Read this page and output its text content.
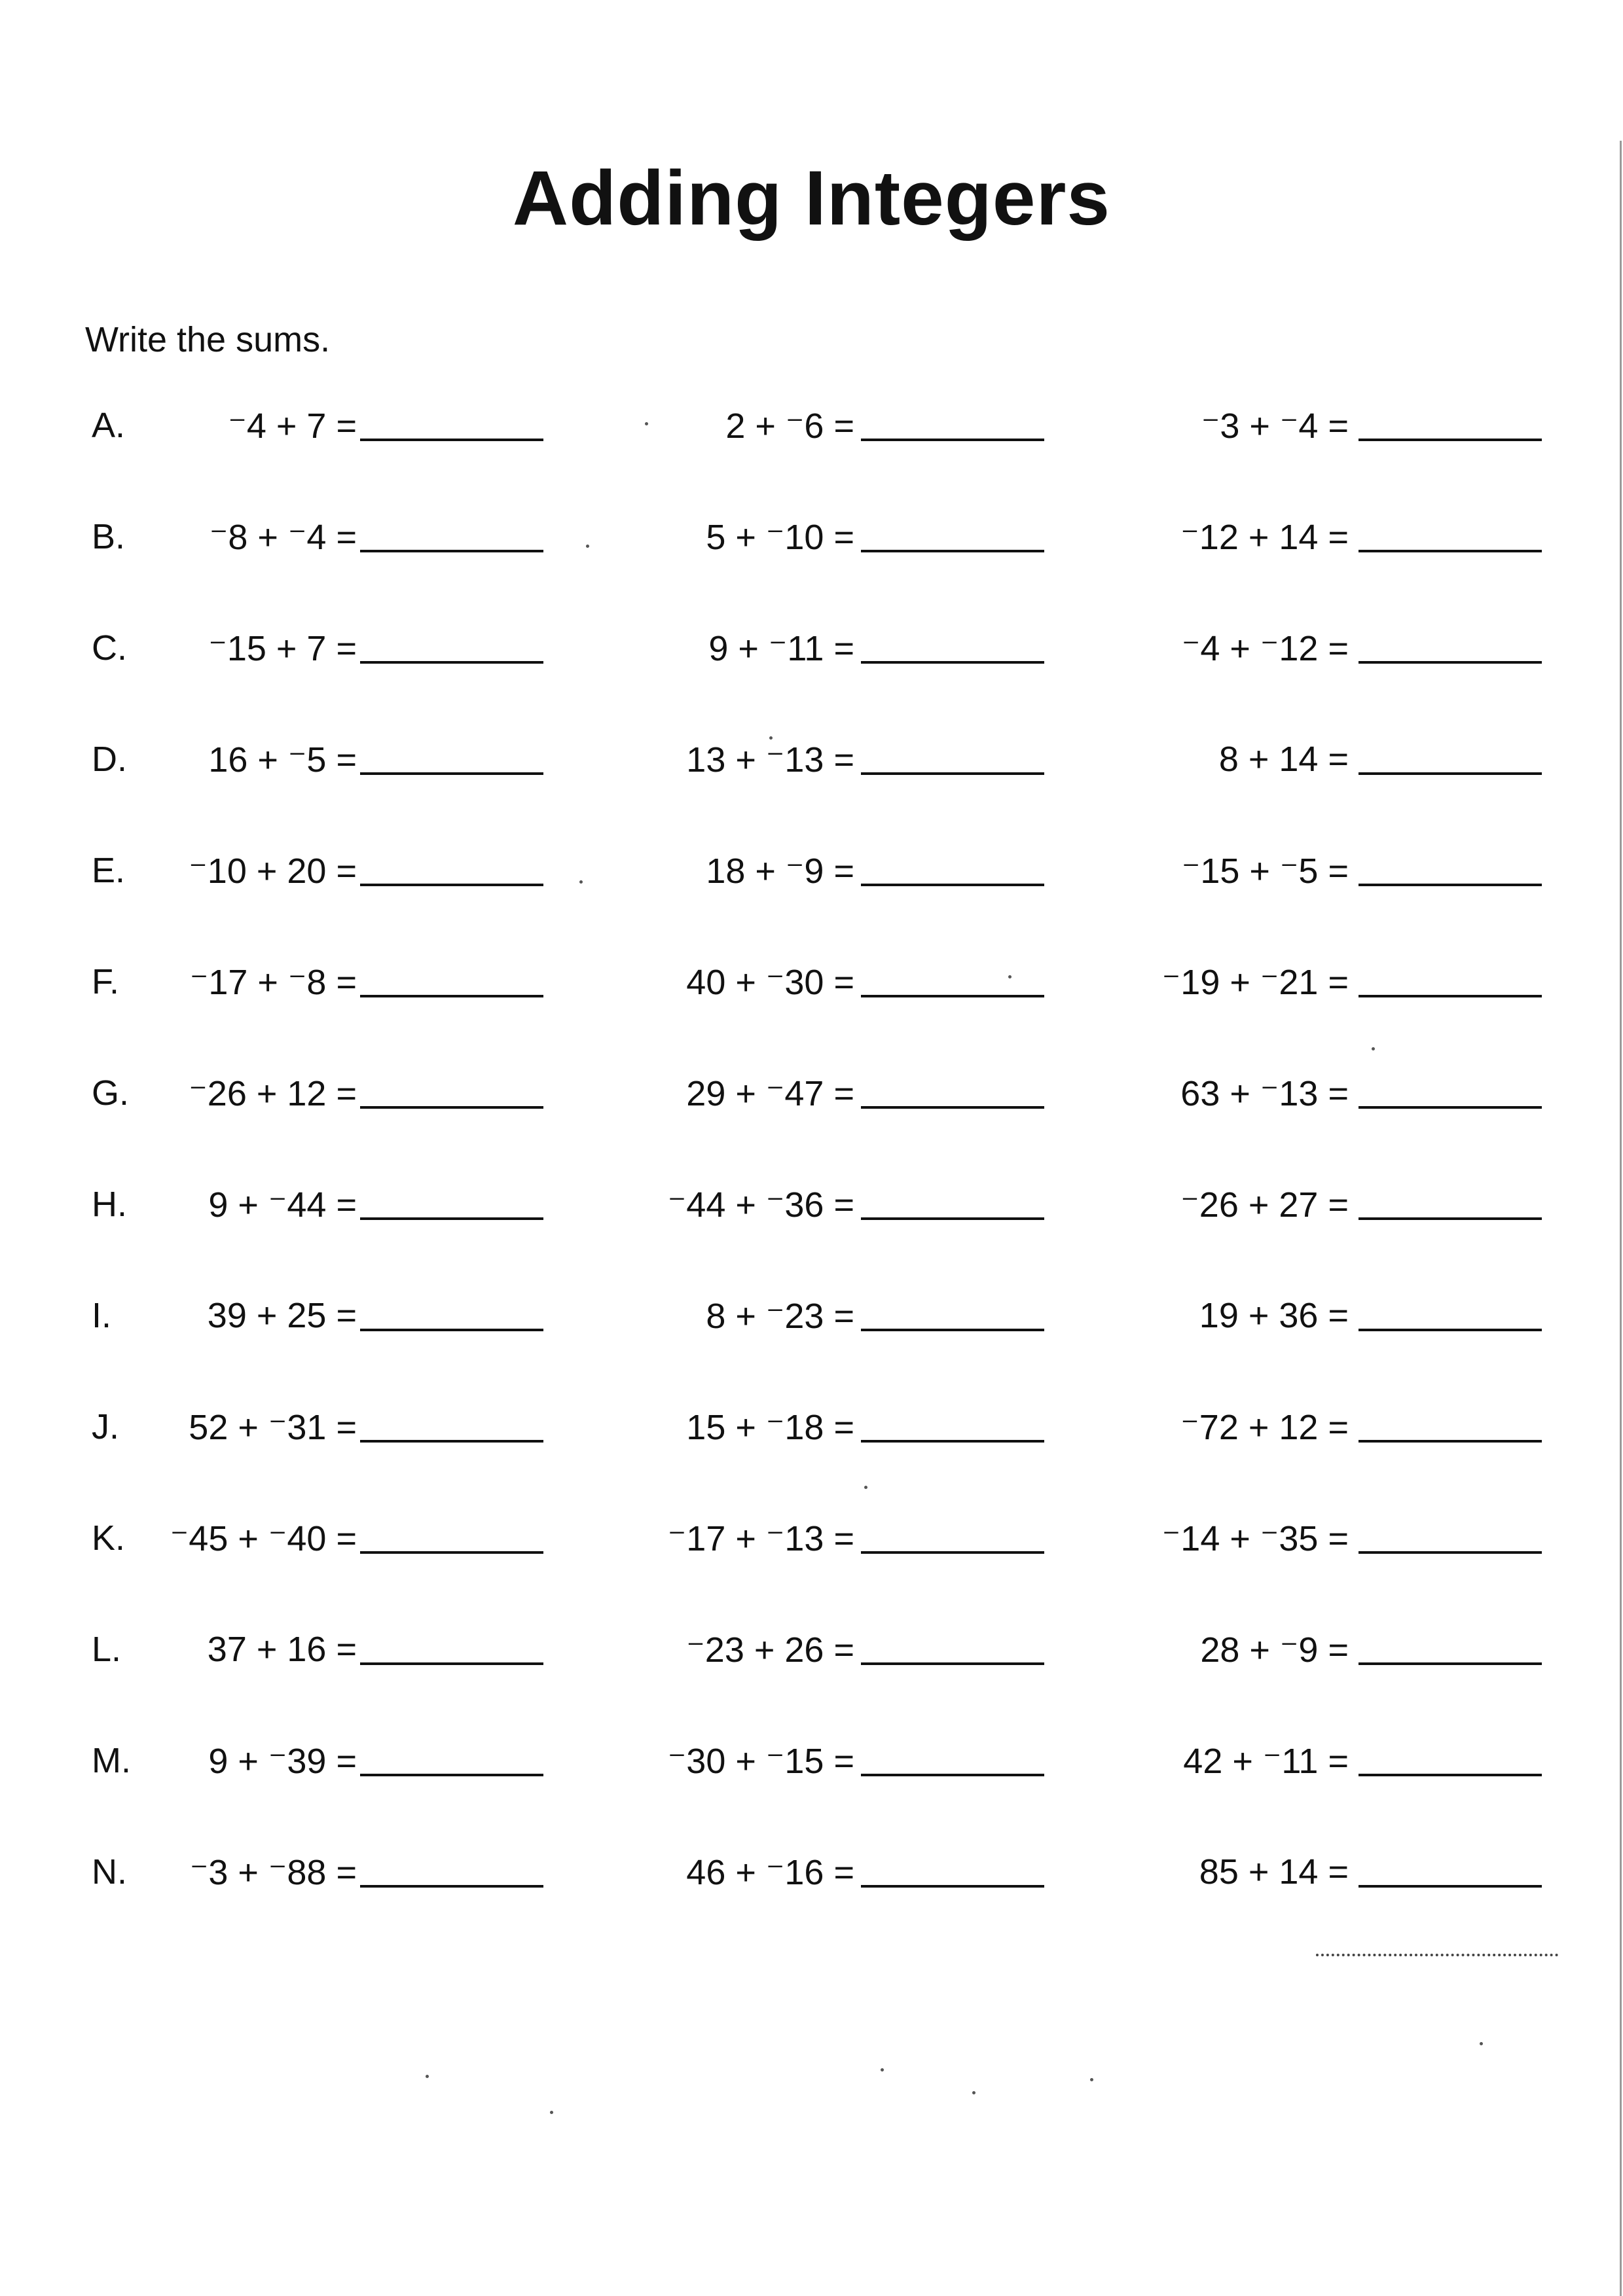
Adding Integers

Write the sums.

A.	⁻4 + 7 =	2 + ⁻6 =	⁻3 + ⁻4 =
B.	⁻8 + ⁻4 =	5 + ⁻10 =	⁻12 + 14 =
C.	⁻15 + 7 =	9 + ⁻11 =	⁻4 + ⁻12 =
D.	16 + ⁻5 =	13 + ⁻13 =	8 + 14 =
E.	⁻10 + 20 =	18 + ⁻9 =	⁻15 + ⁻5 =
F.	⁻17 + ⁻8 =	40 + ⁻30 =	⁻19 + ⁻21 =
G.	⁻26 + 12 =	29 + ⁻47 =	63 + ⁻13 =
H.	9 + ⁻44 =	⁻44 + ⁻36 =	⁻26 + 27 =
I.	39 + 25 =	8 + ⁻23 =	19 + 36 =
J.	52 + ⁻31 =	15 + ⁻18 =	⁻72 + 12 =
K.	⁻45 + ⁻40 =	⁻17 + ⁻13 =	⁻14 + ⁻35 =
L.	37 + 16 =	⁻23 + 26 =	28 + ⁻9 =
M.	9 + ⁻39 =	⁻30 + ⁻15 =	42 + ⁻11 =
N.	⁻3 + ⁻88 =	46 + ⁻16 =	85 + 14 =
